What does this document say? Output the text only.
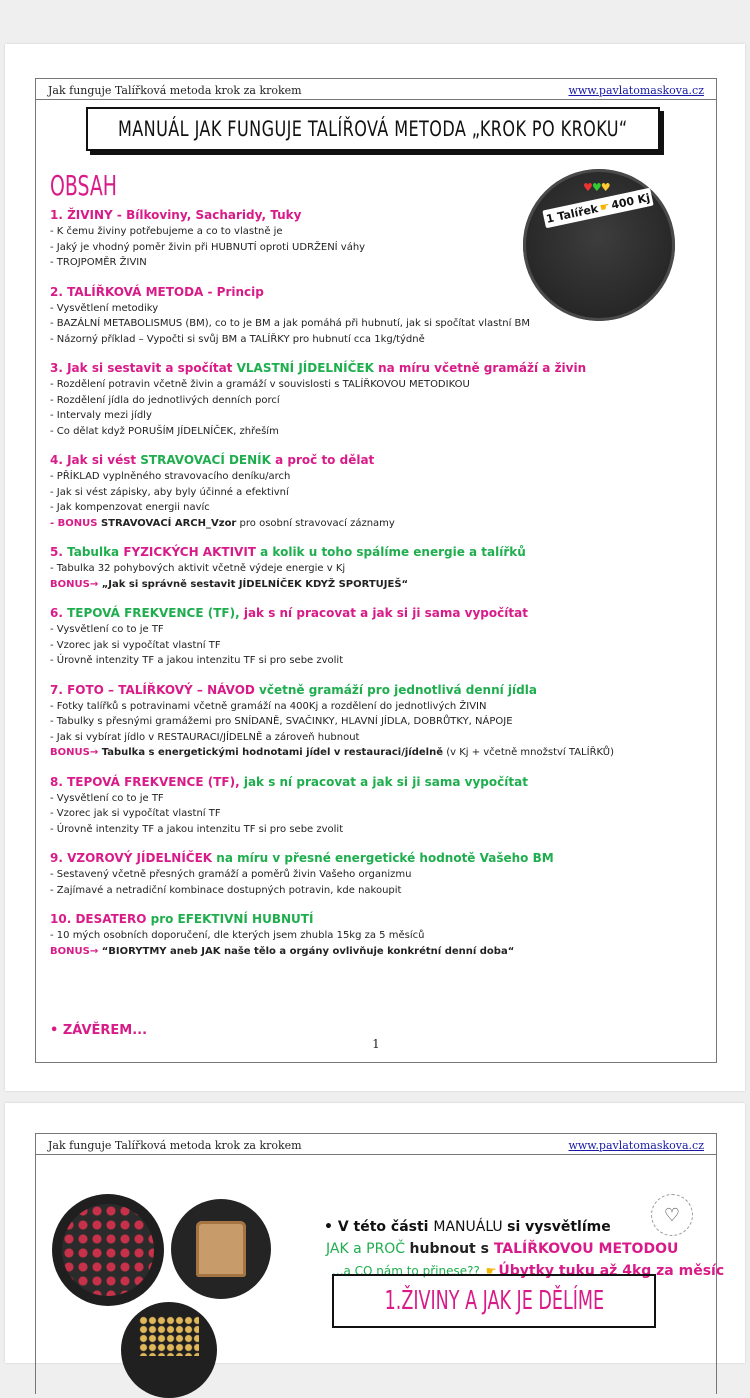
Jak funguje Talířková metoda krok za krokem	www.pavlatomaskova.cz
MANUÁL JAK FUNGUJE TALÍŘOVÁ METODA „KROK PO KROKU“
OBSAH	♥♥♥
1 Talířek ☛ 400 Kj
1. ŽIVINY - Bílkoviny, Sacharidy, Tuky
- K čemu živiny potřebujeme a co to vlastně je
- Jaký je vhodný poměr živin při HUBNUTÍ oproti UDRŽENÍ váhy
- TROJPOMĚR ŽIVIN
2. TALÍŘKOVÁ METODA - Princip
- Vysvětlení metodiky
- BAZÁLNÍ METABOLISMUS (BM), co to je BM a jak pomáhá při hubnutí, jak si spočítat vlastní BM
- Názorný příklad – Vypočti si svůj BM a TALÍŘKY pro hubnutí cca 1kg/týdně
3. Jak si sestavit a spočítat VLASTNÍ JÍDELNÍČEK na míru včetně gramáží a živin
- Rozdělení potravin včetně živin a gramáží v souvislosti s TALÍŘKOVOU METODIKOU
- Rozdělení jídla do jednotlivých denních porcí
- Intervaly mezi jídly
- Co dělat když PORUŠÍM JÍDELNÍČEK, zhřeším
4. Jak si vést STRAVOVACÍ DENÍK a proč to dělat
- PŘÍKLAD vyplněného stravovacího deníku/arch
- Jak si vést zápisky, aby byly účinné a efektivní
- Jak kompenzovat energii navíc
- BONUS STRAVOVACÍ ARCH_Vzor pro osobní stravovací záznamy
5. Tabulka FYZICKÝCH AKTIVIT a kolik u toho spálíme energie a talířků
- Tabulka 32 pohybových aktivit včetně výdeje energie v Kj
BONUS→ „Jak si správně sestavit JÍDELNÍČEK KDYŽ SPORTUJEŠ“
6. TEPOVÁ FREKVENCE (TF), jak s ní pracovat a jak si ji sama vypočítat
- Vysvětlení co to je TF
- Vzorec jak si vypočítat vlastní TF
- Úrovně intenzity TF a jakou intenzitu TF si pro sebe zvolit
7. FOTO – TALÍŘKOVÝ – NÁVOD včetně gramáží pro jednotlivá denní jídla
- Fotky talířků s potravinami včetně gramáží na 400Kj a rozdělení do jednotlivých ŽIVIN
- Tabulky s přesnými gramážemi pro SNÍDANĚ, SVAČINKY, HLAVNÍ JÍDLA, DOBRŮTKY, NÁPOJE
- Jak si vybírat jídlo v RESTAURACI/JÍDELNĚ a zároveň hubnout
BONUS→ Tabulka s energetickými hodnotami jídel v restauraci/jídelně (v Kj + včetně množství TALÍŘKŮ)
8. TEPOVÁ FREKVENCE (TF), jak s ní pracovat a jak si ji sama vypočítat
- Vysvětlení co to je TF
- Vzorec jak si vypočítat vlastní TF
- Úrovně intenzity TF a jakou intenzitu TF si pro sebe zvolit
9. VZOROVÝ JÍDELNÍČEK na míru v přesné energetické hodnotě Vašeho BM
- Sestavený včetně přesných gramáží a poměrů živin Vašeho organizmu
- Zajímavé a netradiční kombinace dostupných potravin, kde nakoupit
10. DESATERO pro EFEKTIVNÍ HUBNUTÍ
- 10 mých osobních doporučení, dle kterých jsem zhubla 15kg za 5 měsíců
BONUS→ “BIORYTMY aneb JAK naše tělo a orgány ovlivňuje konkrétní denní doba“
• ZÁVĚREM...
1
Jak funguje Talířková metoda krok za krokem	www.pavlatomaskova.cz
♡
• V této části MANUÁLU si vysvětlíme
JAK a PROČ hubnout s TALÍŘKOVOU METODOU
...a CO nám to přinese?? ☛ Úbytky tuku až 4kg za měsíc
1.ŽIVINY A JAK JE DĚLÍME
